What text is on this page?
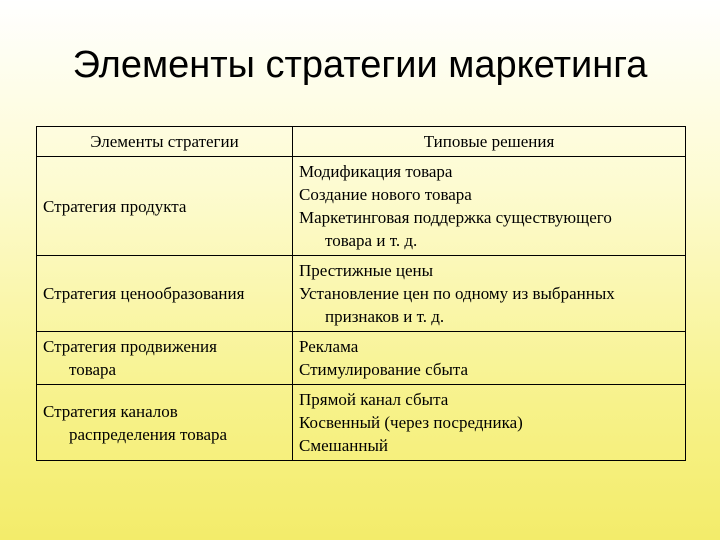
Элементы стратегии маркетинга
Элементы стратегии	Типовые решения

Стратегия продукта	Модификация товара
Создание нового товара
Маркетинговая поддержка существующего
товара и т. д.

Стратегия ценообразования	Престижные цены
Установление цен по одному из выбранных
признаков и т. д.

Стратегия продвижения
товара	Реклама
Стимулирование сбыта

Стратегия каналов
распределения товара	Прямой канал сбыта
Косвенный (через посредника)
Смешанный
